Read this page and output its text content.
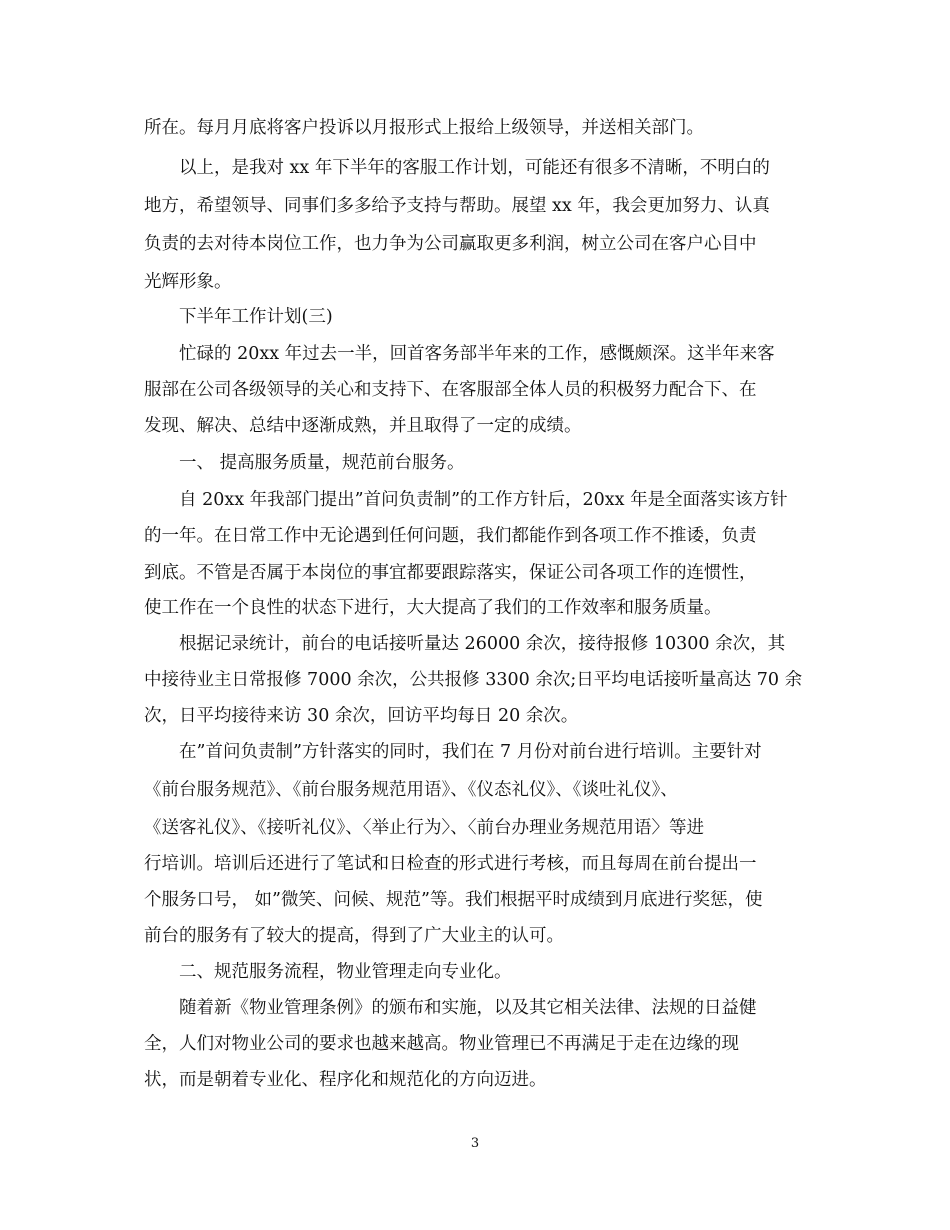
所在。每月月底将客户投诉以月报形式上报给上级领导，并送相关部门。
以上，是我对 xx 年下半年的客服工作计划，可能还有很多不清晰，不明白的
地方，希望领导、同事们多多给予支持与帮助。展望 xx 年，我会更加努力、认真
负责的去对待本岗位工作，也力争为公司赢取更多利润，树立公司在客户心目中
光辉形象。
下半年工作计划(三)
忙碌的 20xx 年过去一半，回首客务部半年来的工作，感慨颇深。这半年来客
服部在公司各级领导的关心和支持下、在客服部全体人员的积极努力配合下、在
发现、解决、总结中逐渐成熟，并且取得了一定的成绩。
一、 提高服务质量，规范前台服务。
自 20xx 年我部门提出”首问负责制”的工作方针后，20xx 年是全面落实该方针
的一年。在日常工作中无论遇到任何问题，我们都能作到各项工作不推诿，负责
到底。不管是否属于本岗位的事宜都要跟踪落实，保证公司各项工作的连惯性，
使工作在一个良性的状态下进行，大大提高了我们的工作效率和服务质量。
根据记录统计，前台的电话接听量达 26000 余次，接待报修 10300 余次，其
中接待业主日常报修 7000 余次，公共报修 3300 余次;日平均电话接听量高达 70 余
次，日平均接待来访 30 余次，回访平均每日 20 余次。
在”首问负责制”方针落实的同时，我们在 7 月份对前台进行培训。主要针对
《前台服务规范》、《前台服务规范用语》、《仪态礼仪》、《谈吐礼仪》、
《送客礼仪》、《接听礼仪》、〈举止行为〉、〈前台办理业务规范用语〉等进
行培训。培训后还进行了笔试和日检查的形式进行考核，而且每周在前台提出一
个服务口号， 如”微笑、问候、规范”等。我们根据平时成绩到月底进行奖惩，使
前台的服务有了较大的提高，得到了广大业主的认可。
二、规范服务流程，物业管理走向专业化。
随着新《物业管理条例》的颁布和实施，以及其它相关法律、法规的日益健
全，人们对物业公司的要求也越来越高。物业管理已不再满足于走在边缘的现
状，而是朝着专业化、程序化和规范化的方向迈进。
3
